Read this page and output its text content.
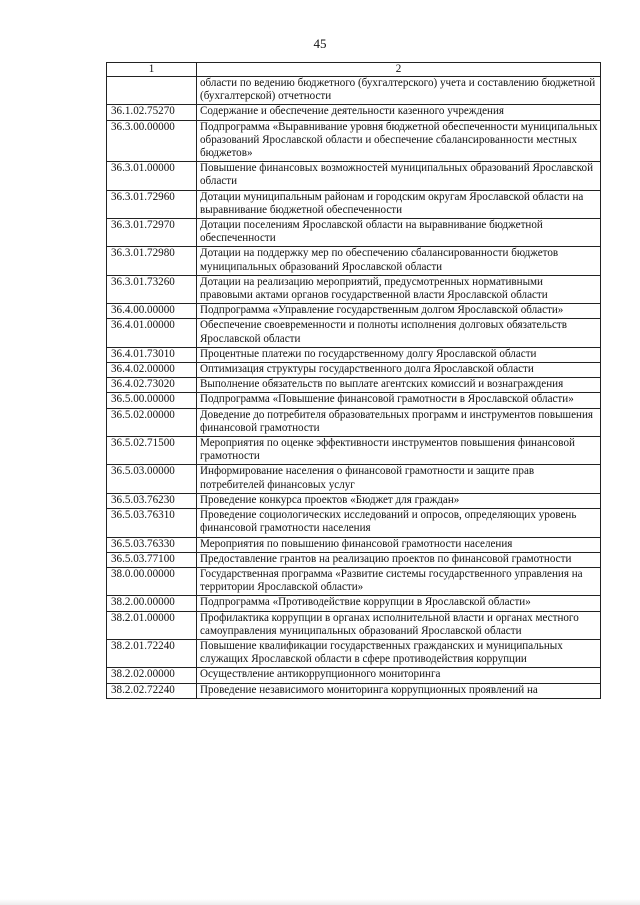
45
1	2
	области по ведению бюджетного (бухгалтерского) учета и составлению бюджетной (бухгалтерской) отчетности
36.1.02.75270	Содержание и обеспечение деятельности казенного учреждения
36.3.00.00000	Подпрограмма «Выравнивание уровня бюджетной обеспеченности муниципальных образований Ярославской области и обеспечение сбалансированности местных бюджетов»
36.3.01.00000	Повышение финансовых возможностей муниципальных образований Ярославской области
36.3.01.72960	Дотации муниципальным районам и городским округам Ярославской области на выравнивание бюджетной обеспеченности
36.3.01.72970	Дотации поселениям Ярославской области на выравнивание бюджетной обеспеченности
36.3.01.72980	Дотации на поддержку мер по обеспечению сбалансированности бюджетов муниципальных образований Ярославской области
36.3.01.73260	Дотации на реализацию мероприятий, предусмотренных нормативными правовыми актами органов государственной власти Ярославской области
36.4.00.00000	Подпрограмма «Управление государственным долгом Ярославской области»
36.4.01.00000	Обеспечение своевременности и полноты исполнения долговых обязательств Ярославской области
36.4.01.73010	Процентные платежи по государственному долгу Ярославской области
36.4.02.00000	Оптимизация структуры государственного долга Ярославской области
36.4.02.73020	Выполнение обязательств по выплате агентских комиссий и вознаграждения
36.5.00.00000	Подпрограмма «Повышение финансовой грамотности в Ярославской области»
36.5.02.00000	Доведение до потребителя образовательных программ и инструментов повышения финансовой грамотности
36.5.02.71500	Мероприятия по оценке эффективности инструментов повышения финансовой грамотности
36.5.03.00000	Информирование населения о финансовой грамотности и защите прав потребителей финансовых услуг
36.5.03.76230	Проведение конкурса проектов «Бюджет для граждан»
36.5.03.76310	Проведение социологических исследований и опросов, определяющих уровень финансовой грамотности населения
36.5.03.76330	Мероприятия по повышению финансовой грамотности населения
36.5.03.77100	Предоставление грантов на реализацию проектов по финансовой грамотности
38.0.00.00000	Государственная программа «Развитие системы государственного управления на территории Ярославской области»
38.2.00.00000	Подпрограмма «Противодействие коррупции в Ярославской области»
38.2.01.00000	Профилактика коррупции в органах исполнительной власти и органах местного самоуправления муниципальных образований Ярославской области
38.2.01.72240	Повышение квалификации государственных гражданских и муниципальных служащих Ярославской области в сфере противодействия коррупции
38.2.02.00000	Осуществление антикоррупционного мониторинга
38.2.02.72240	Проведение независимого мониторинга коррупционных проявлений на
